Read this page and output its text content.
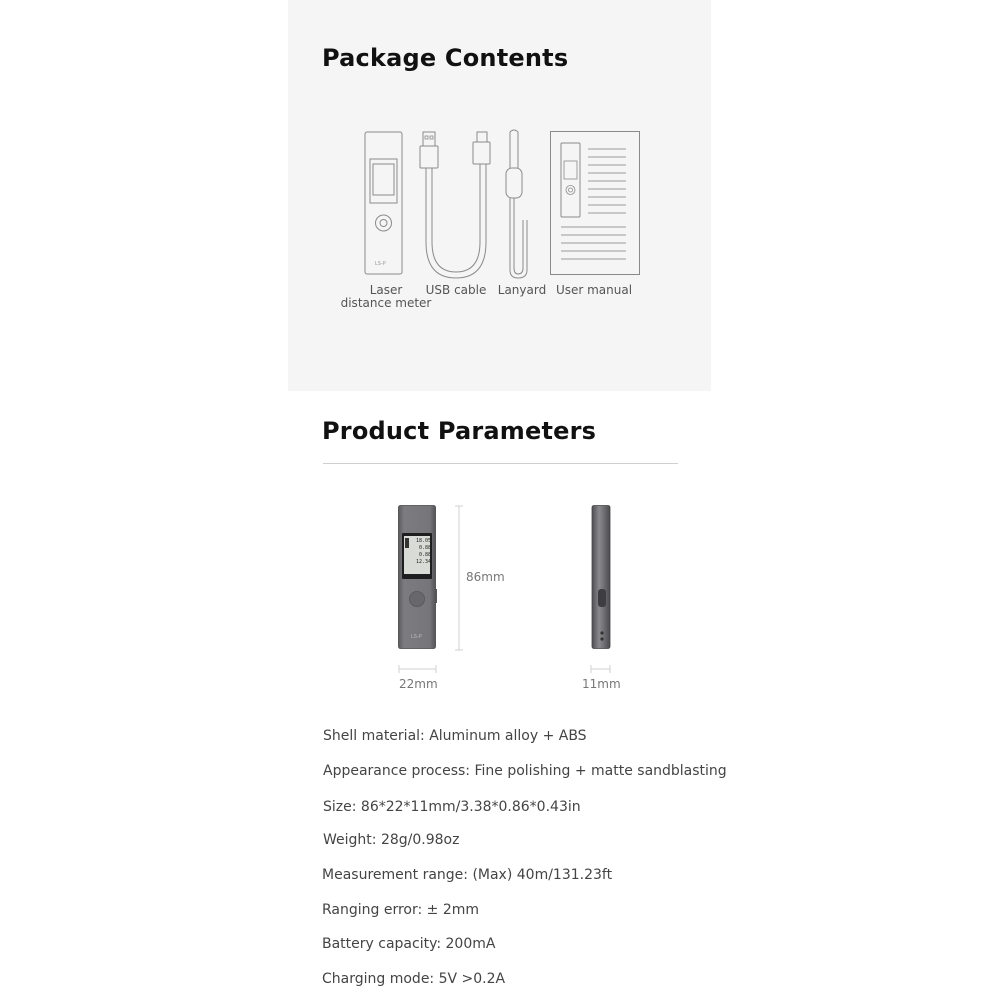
Package Contents
LS-P
Laser
distance meter
USB cable Lanyard User manual
Product Parameters
18.05
0.88
0.88
12.34
LS-P
86mm
22mm	11mm
Shell material: Aluminum alloy + ABS
Appearance process: Fine polishing + matte sandblasting
Size: 86*22*11mm/3.38*0.86*0.43in
Weight: 28g/0.98oz
Measurement range: (Max) 40m/131.23ft
Ranging error: ± 2mm
Battery capacity: 200mA
Charging mode: 5V >0.2A
